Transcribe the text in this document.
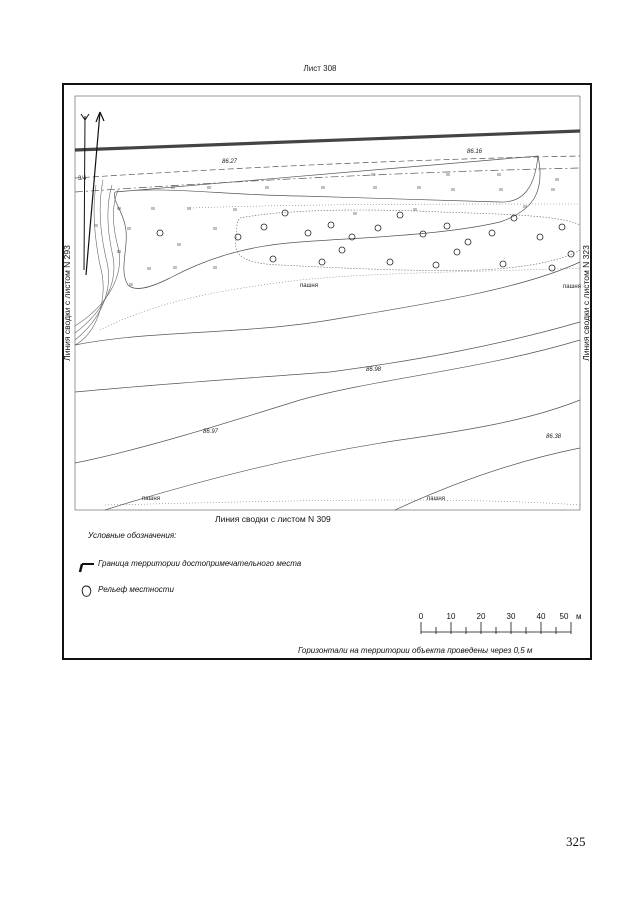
Лист 308
86.27
86.16
86.98
86.97
86.38
пашня	пашня
пашня	пашня
3/4
Линия сводки с листом N 293	Линия сводки с листом N 323
Линия сводки с листом N 309
Условные обозначения:
Граница территории достопримечательного места
Рельеф местности
0	10	20	30	40 50 м
Горизонтали на территории объекта проведены через 0,5 м
325
